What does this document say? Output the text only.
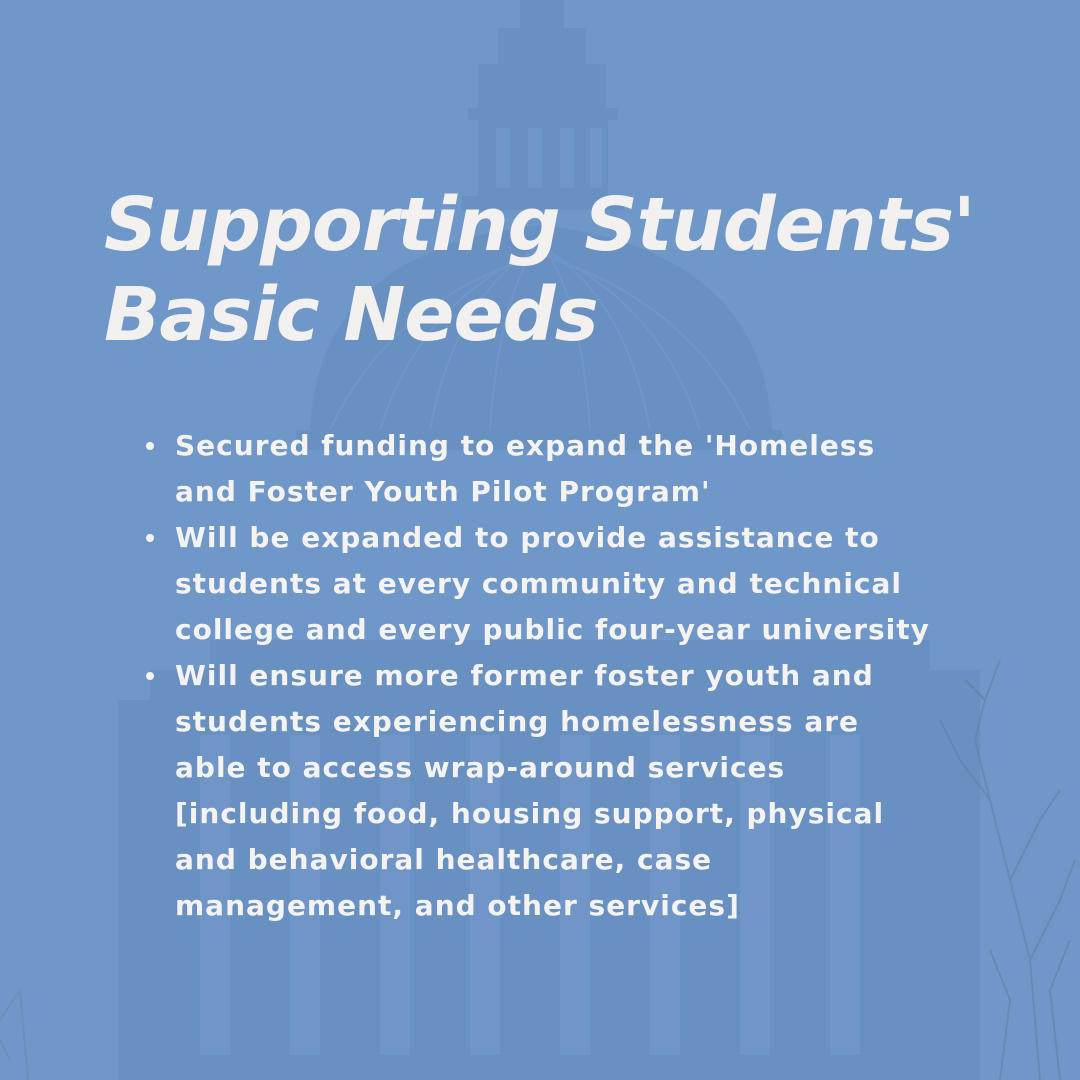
Supporting Students'
Basic Needs
Secured funding to expand the 'Homeless
and Foster Youth Pilot Program'
Will be expanded to provide assistance to
students at every community and technical
college and every public four-year university
Will ensure more former foster youth and
students experiencing homelessness are
able to access wrap-around services
[including food, housing support, physical
and behavioral healthcare, case
management, and other services]
